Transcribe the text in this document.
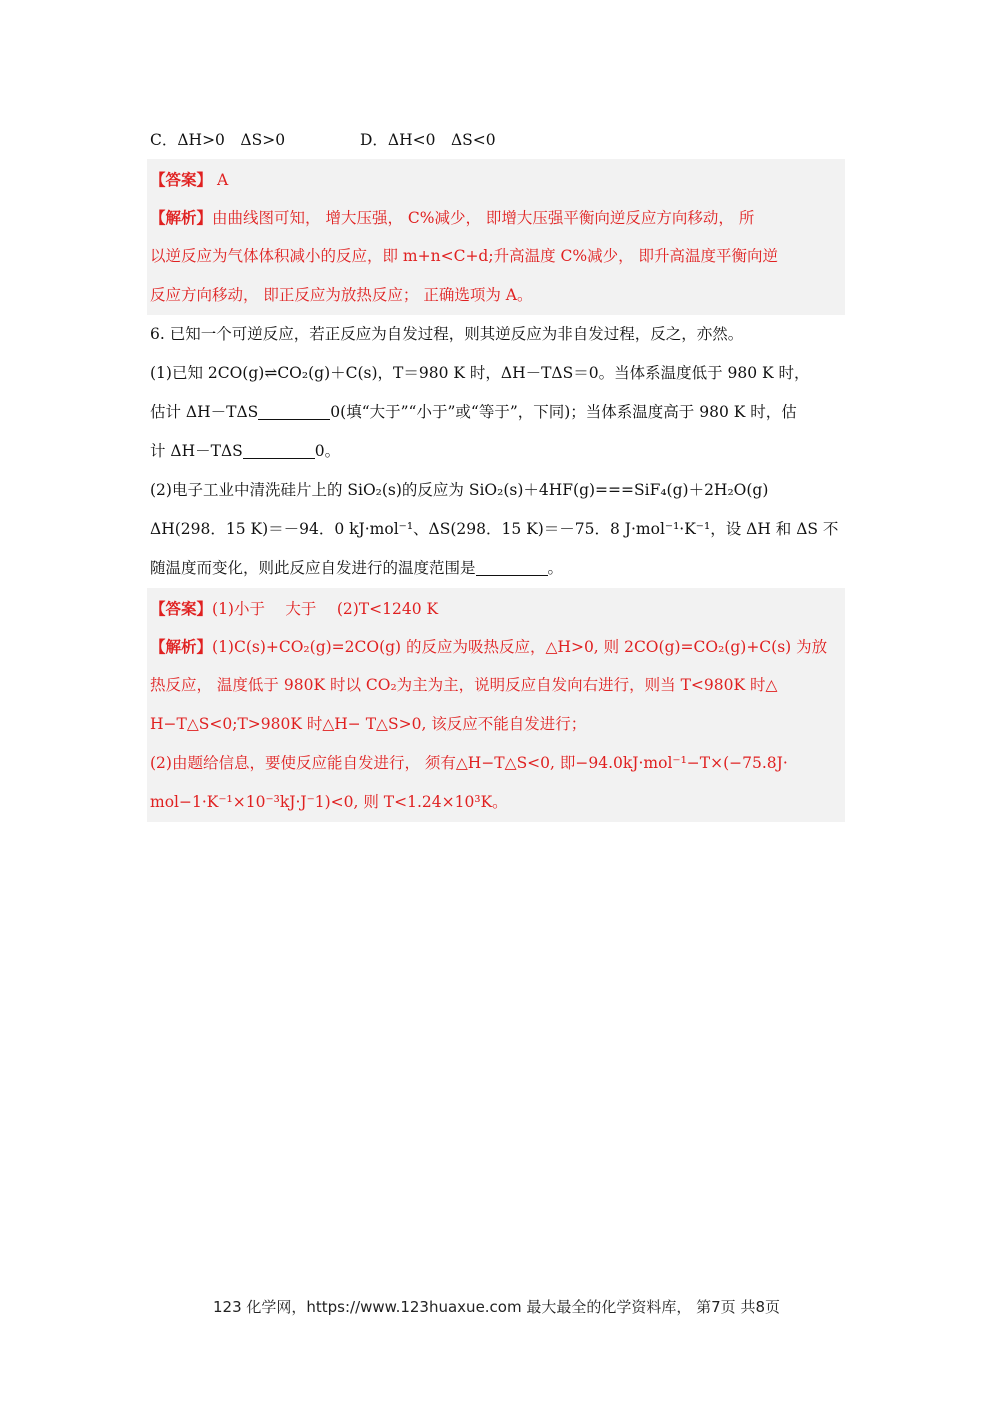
C．ΔH>0　ΔS>0	D．ΔH<0　ΔS<0
【答案】 A
【解析】由曲线图可知， 增大压强， C%减少， 即增大压强平衡向逆反应方向移动， 所
以逆反应为气体体积减小的反应，即 m+n<C+d;升高温度 C%减少， 即升高温度平衡向逆
反应方向移动， 即正反应为放热反应； 正确选项为 A。
6. 已知一个可逆反应，若正反应为自发过程，则其逆反应为非自发过程，反之，亦然。
(1)已知 2CO(g)⇌CO₂(g)＋C(s)，T＝980 K 时，ΔH－TΔS＝0。当体系温度低于 980 K 时，
估计 ΔH－TΔS	0(填“大于”“小于”或“等于”，下同)；当体系温度高于 980 K 时，估
计 ΔH－TΔS	0。
(2)电子工业中清洗硅片上的 SiO₂(s)的反应为 SiO₂(s)＋4HF(g)===SiF₄(g)＋2H₂O(g)
ΔH(298．15 K)＝－94．0 kJ·mol⁻¹、ΔS(298．15 K)＝－75．8 J·mol⁻¹·K⁻¹，设 ΔH 和 ΔS 不
随温度而变化，则此反应自发进行的温度范围是	。
【答案】(1)小于　 大于　 (2)T<1240 K
【解析】(1)C(s)+CO₂(g)=2CO(g) 的反应为吸热反应，△H>0, 则 2CO(g)=CO₂(g)+C(s) 为放
热反应， 温度低于 980K 时以 CO₂为主为主，说明反应自发向右进行，则当 T<980K 时△
H−T△S<0;T>980K 时△H− T△S>0, 该反应不能自发进行；
(2)由题给信息，要使反应能自发进行， 须有△H−T△S<0, 即−94.0kJ·mol⁻¹−T×(−75.8J·
mol−1·K⁻¹×10⁻³kJ·J⁻1)<0, 则 T<1.24×10³K。
123 化学网，https://www.123huaxue.com 最大最全的化学资料库， 第7页 共8页
